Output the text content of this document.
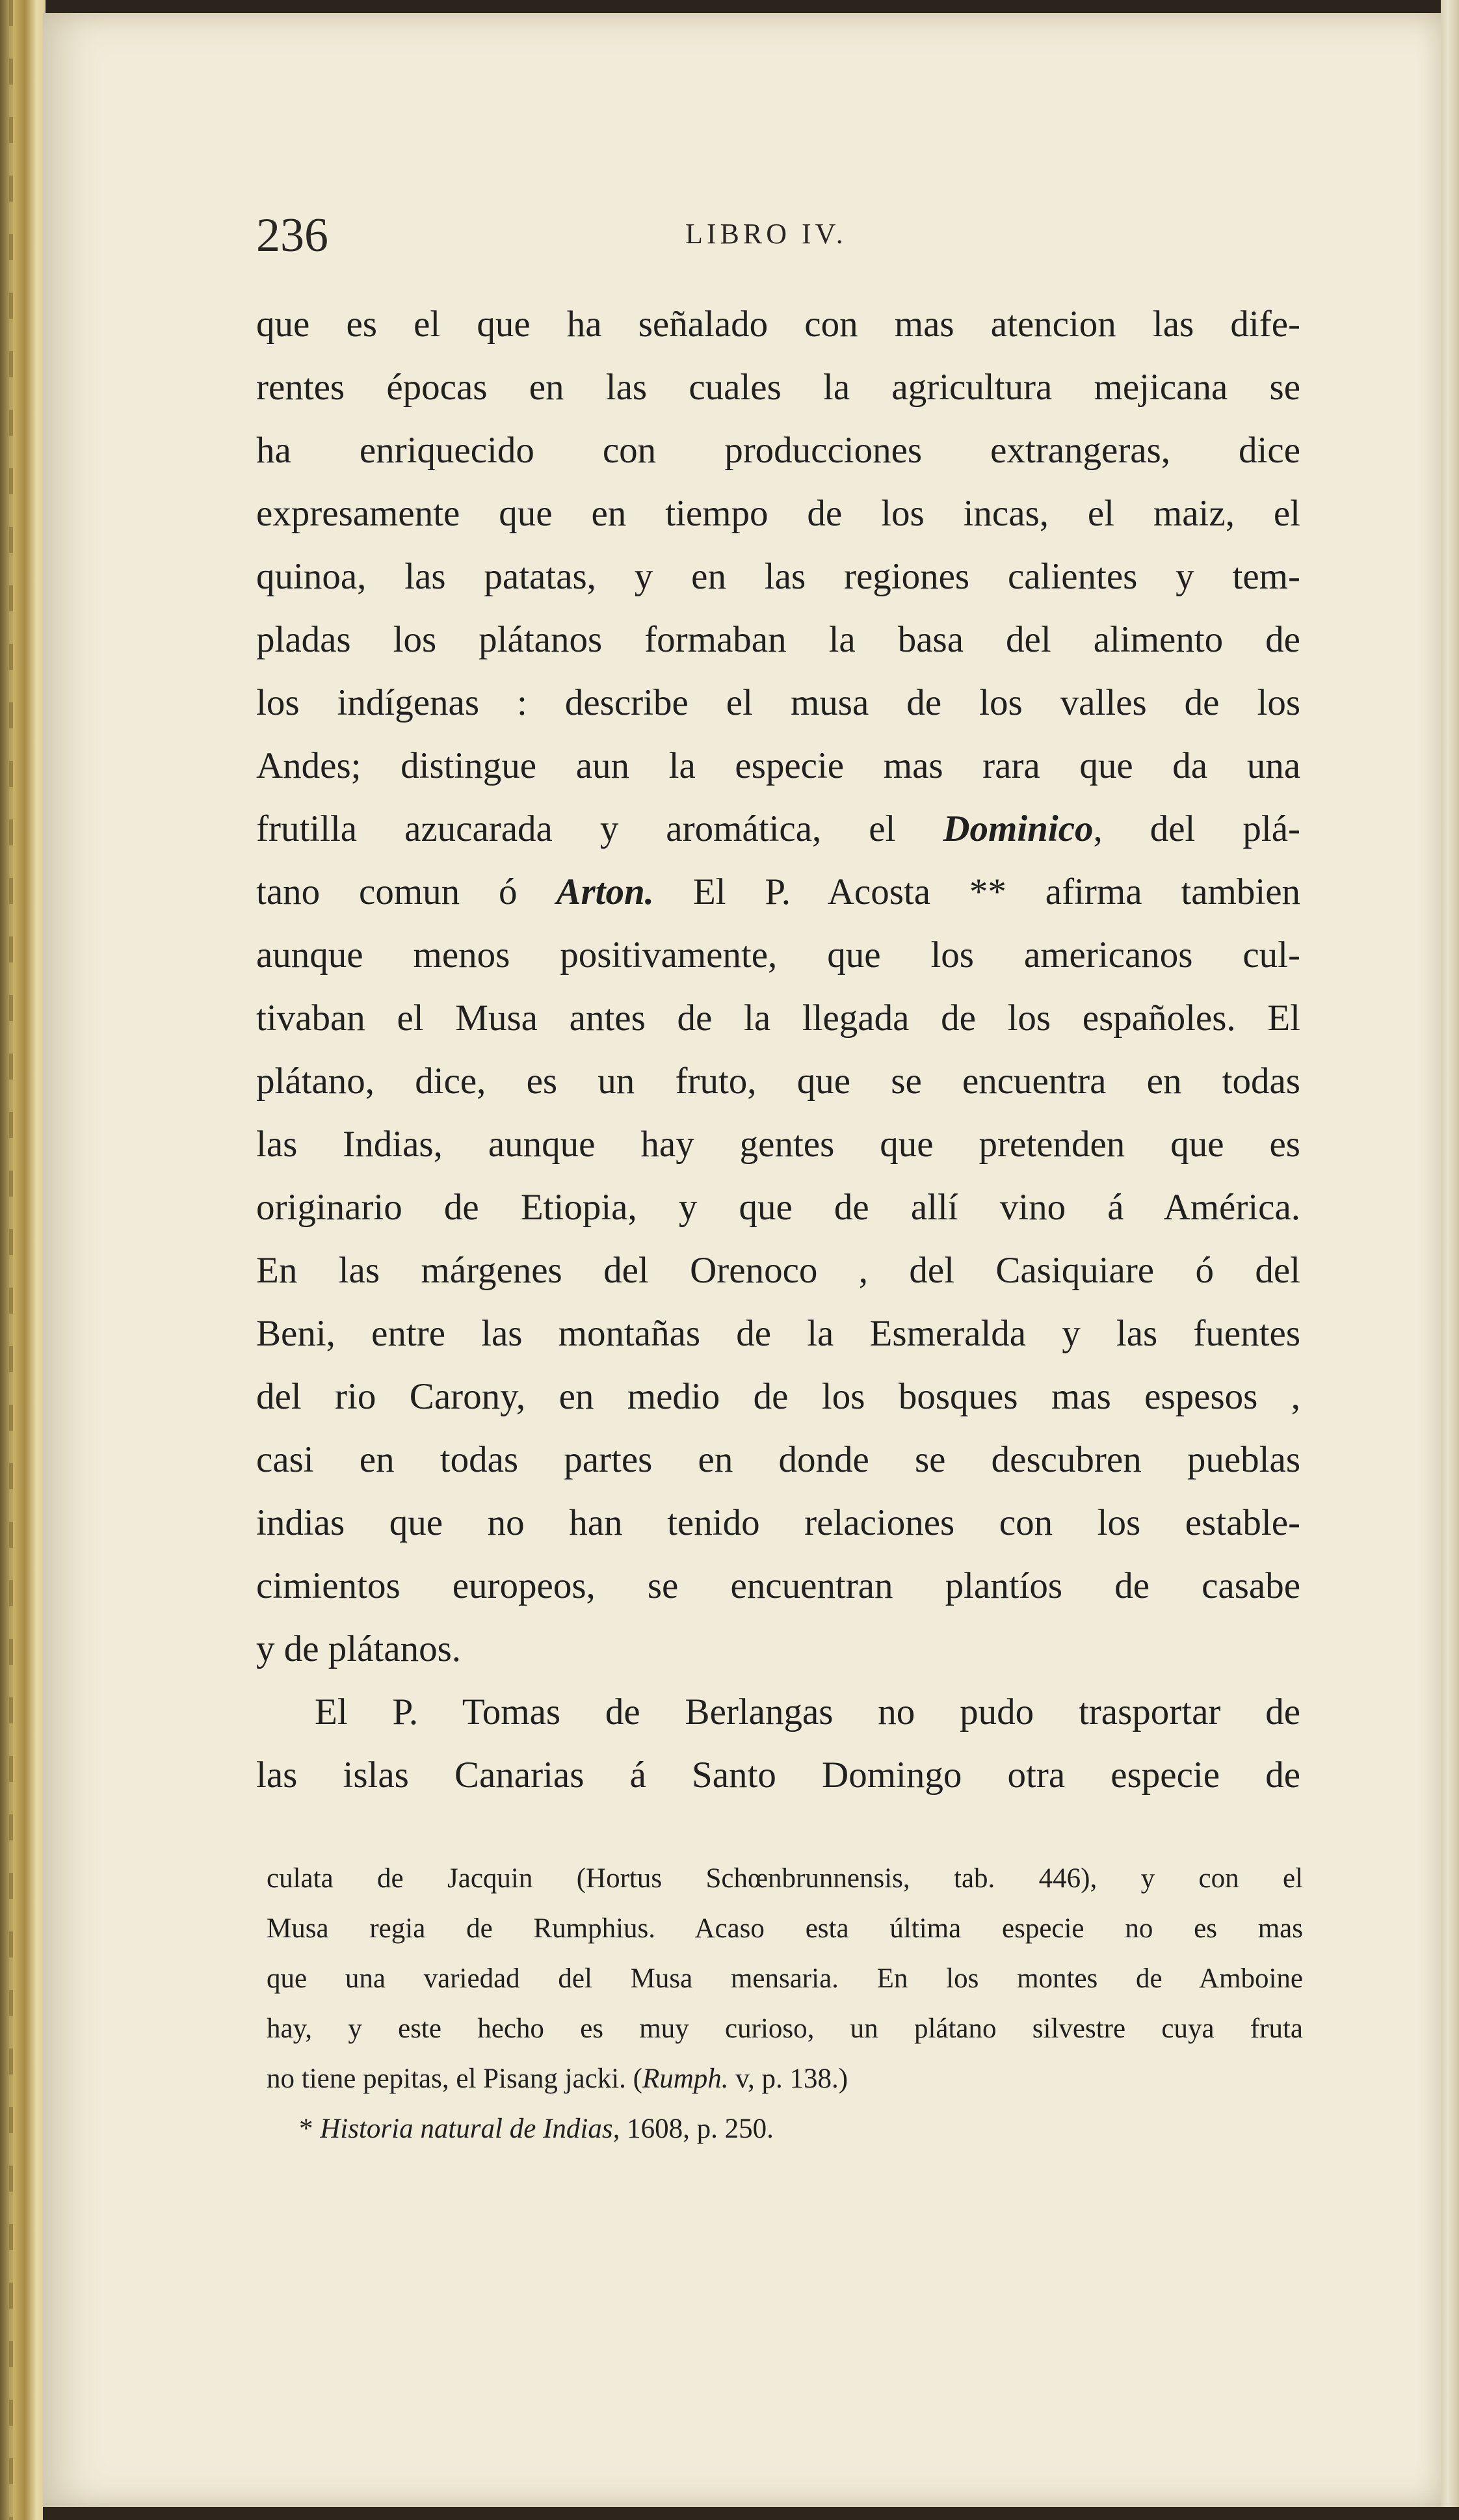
236	LIBRO IV.
que es el que ha señalado con mas atencion las dife-
rentes épocas en las cuales la agricultura mejicana se
ha enriquecido con producciones extrangeras, dice
expresamente que en tiempo de los incas, el maiz, el
quinoa, las patatas, y en las regiones calientes y tem-
pladas los plátanos formaban la basa del alimento de
los indígenas : describe el musa de los valles de los
Andes; distingue aun la especie mas rara que da una
frutilla azucarada y aromática, el Dominico, del plá-
tano comun ó Arton. El P. Acosta ** afirma tambien
aunque menos positivamente, que los americanos cul-
tivaban el Musa antes de la llegada de los españoles. El
plátano, dice, es un fruto, que se encuentra en todas
las Indias, aunque hay gentes que pretenden que es
originario de Etiopia, y que de allí vino á América.
En las márgenes del Orenoco , del Casiquiare ó del
Beni, entre las montañas de la Esmeralda y las fuentes
del rio Carony, en medio de los bosques mas espesos ,
casi en todas partes en donde se descubren pueblas
indias que no han tenido relaciones con los estable-
cimientos europeos, se encuentran plantíos de casabe
y de plátanos.
El P. Tomas de Berlangas no pudo trasportar de
las islas Canarias á Santo Domingo otra especie de
culata de Jacquin (Hortus Schœnbrunnensis, tab. 446), y con el
Musa regia de Rumphius. Acaso esta última especie no es mas
que una variedad del Musa mensaria. En los montes de Amboine
hay, y este hecho es muy curioso, un plátano silvestre cuya fruta
no tiene pepitas, el Pisang jacki. (Rumph. v, p. 138.)
* Historia natural de Indias, 1608, p. 250.
